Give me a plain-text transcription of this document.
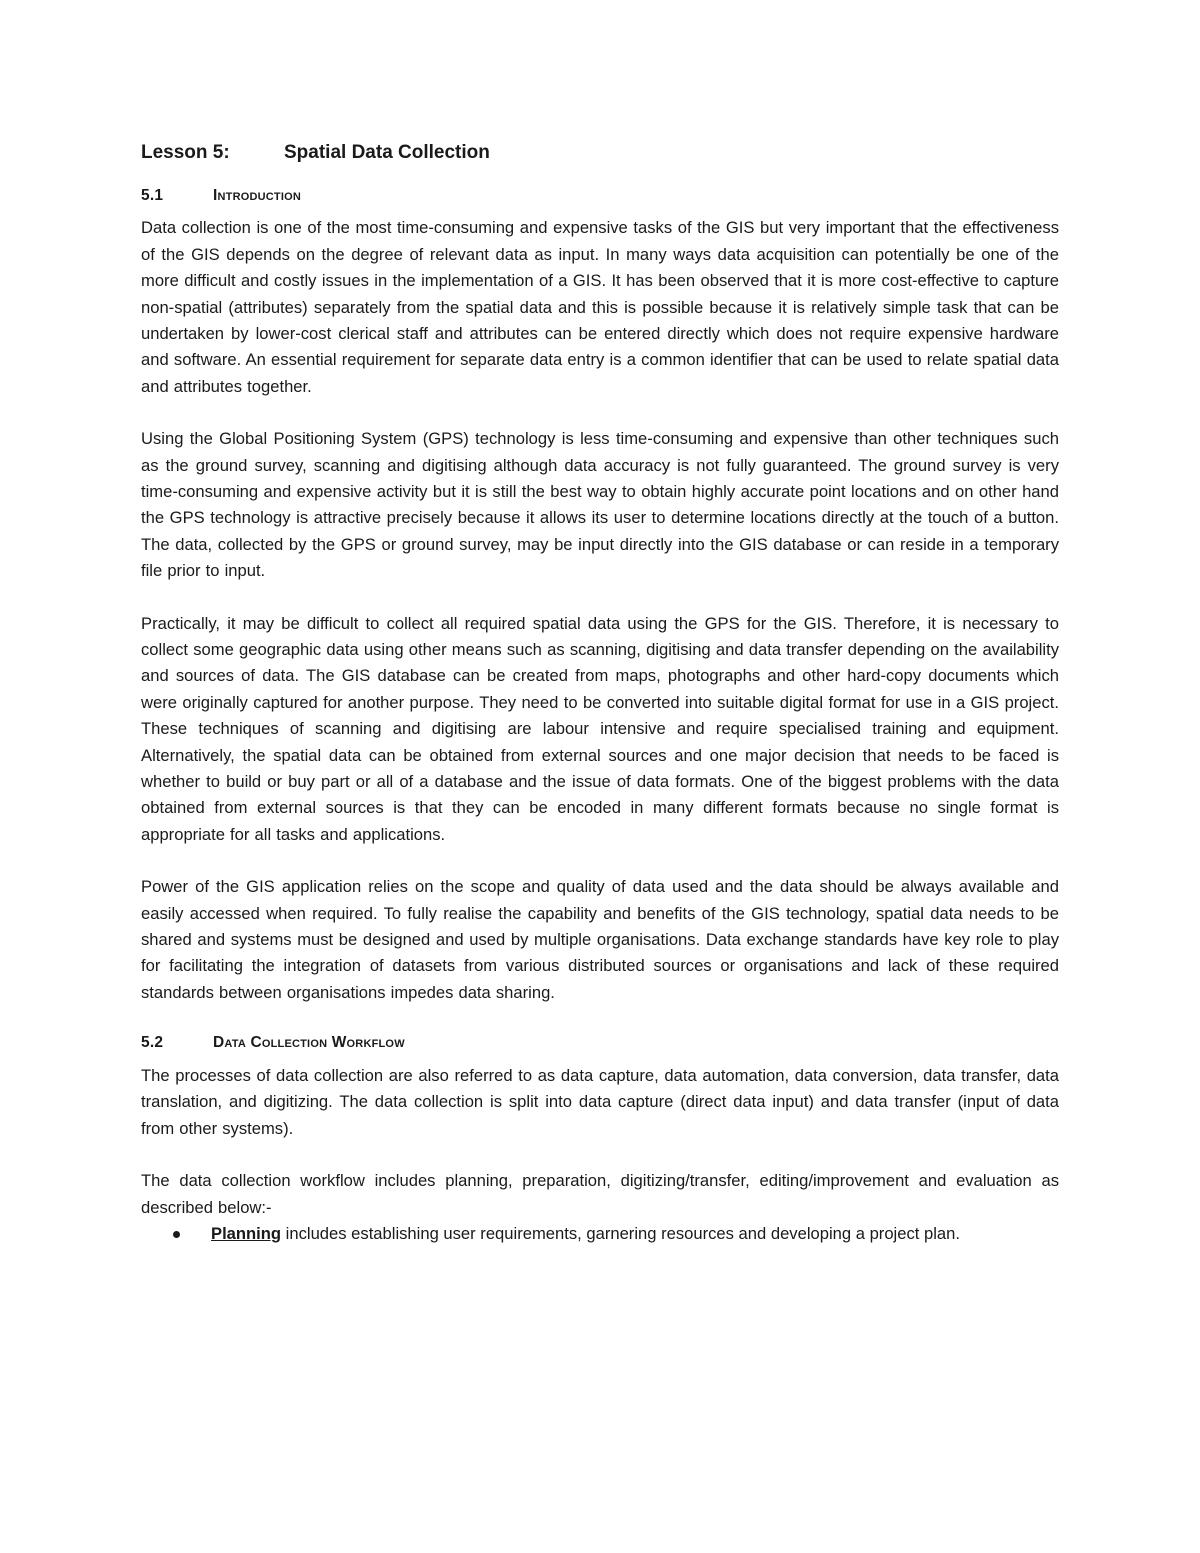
Lesson 5:	Spatial Data Collection
5.1	Introduction

Data collection is one of the most time-consuming and expensive tasks of the GIS but very important that the effectiveness of the GIS depends on the degree of relevant data as input. In many ways data acquisition can potentially be one of the more difficult and costly issues in the implementation of a GIS. It has been observed that it is more cost-effective to capture non-spatial (attributes) separately from the spatial data and this is possible because it is relatively simple task that can be undertaken by lower-cost clerical staff and attributes can be entered directly which does not require expensive hardware and software. An essential requirement for separate data entry is a common identifier that can be used to relate spatial data and attributes together.

Using the Global Positioning System (GPS) technology is less time-consuming and expensive than other techniques such as the ground survey, scanning and digitising although data accuracy is not fully guaranteed. The ground survey is very time-consuming and expensive activity but it is still the best way to obtain highly accurate point locations and on other hand the GPS technology is attractive precisely because it allows its user to determine locations directly at the touch of a button. The data, collected by the GPS or ground survey, may be input directly into the GIS database or can reside in a temporary file prior to input.

Practically, it may be difficult to collect all required spatial data using the GPS for the GIS. Therefore, it is necessary to collect some geographic data using other means such as scanning, digitising and data transfer depending on the availability and sources of data. The GIS database can be created from maps, photographs and other hard-copy documents which were originally captured for another purpose. They need to be converted into suitable digital format for use in a GIS project. These techniques of scanning and digitising are labour intensive and require specialised training and equipment. Alternatively, the spatial data can be obtained from external sources and one major decision that needs to be faced is whether to build or buy part or all of a database and the issue of data formats. One of the biggest problems with the data obtained from external sources is that they can be encoded in many different formats because no single format is appropriate for all tasks and applications.

Power of the GIS application relies on the scope and quality of data used and the data should be always available and easily accessed when required. To fully realise the capability and benefits of the GIS technology, spatial data needs to be shared and systems must be designed and used by multiple organisations. Data exchange standards have key role to play for facilitating the integration of datasets from various distributed sources or organisations and lack of these required standards between organisations impedes data sharing.

5.2	Data Collection Workflow

The processes of data collection are also referred to as data capture, data automation, data conversion, data transfer, data translation, and digitizing. The data collection is split into data capture (direct data input) and data transfer (input of data from other systems).

The data collection workflow includes planning, preparation, digitizing/transfer, editing/improvement and evaluation as described below:-

Planning includes establishing user requirements, garnering resources and developing a project plan.
